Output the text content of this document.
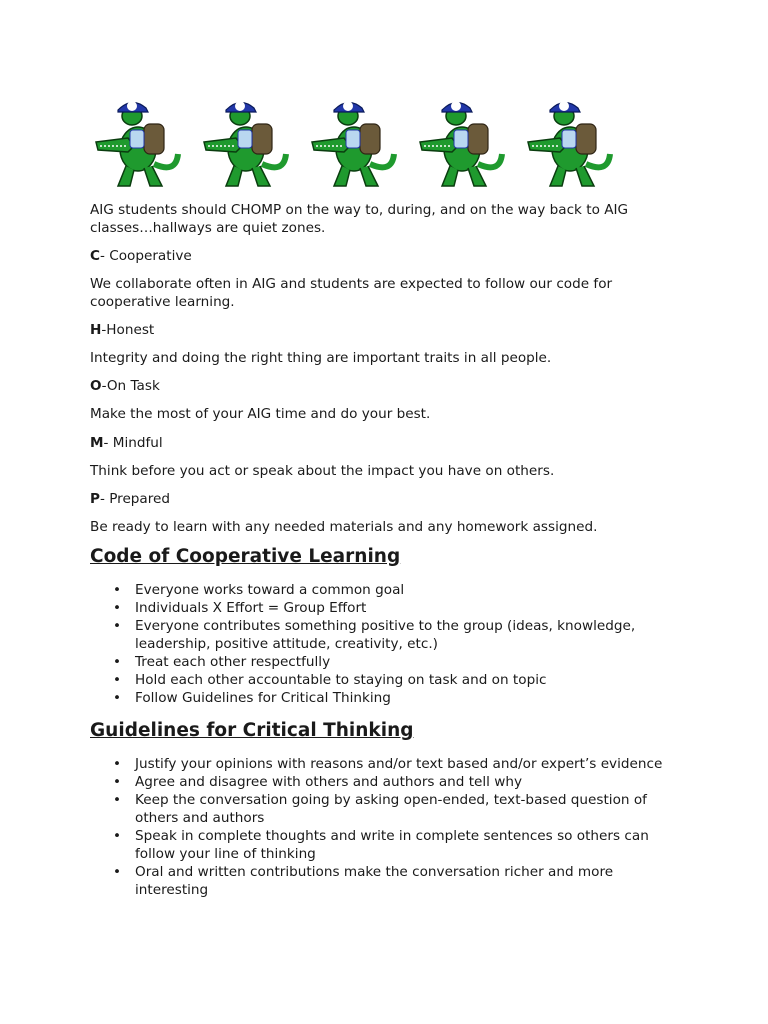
AIG students should CHOMP on the way to, during, and on the way back to AIG classes…hallways are quiet zones.

C- Cooperative

We collaborate often in AIG and students are expected to follow our code for cooperative learning.

H-Honest

Integrity and doing the right thing are important traits in all people.

O-On Task

Make the most of your AIG time and do your best.

M- Mindful

Think before you act or speak about the impact you have on others.

P- Prepared

Be ready to learn with any needed materials and any homework assigned.

Code of Cooperative Learning
• Everyone works toward a common goal
• Individuals X Effort = Group Effort
• Everyone contributes something positive to the group (ideas, knowledge, leadership, positive attitude, creativity, etc.)
• Treat each other respectfully
• Hold each other accountable to staying on task and on topic
• Follow Guidelines for Critical Thinking
Guidelines for Critical Thinking
• Justify your opinions with reasons and/or text based and/or expert’s evidence
• Agree and disagree with others and authors and tell why
• Keep the conversation going by asking open-ended, text-based question of others and authors
• Speak in complete thoughts and write in complete sentences so others can follow your line of thinking
• Oral and written contributions make the conversation richer and more interesting
